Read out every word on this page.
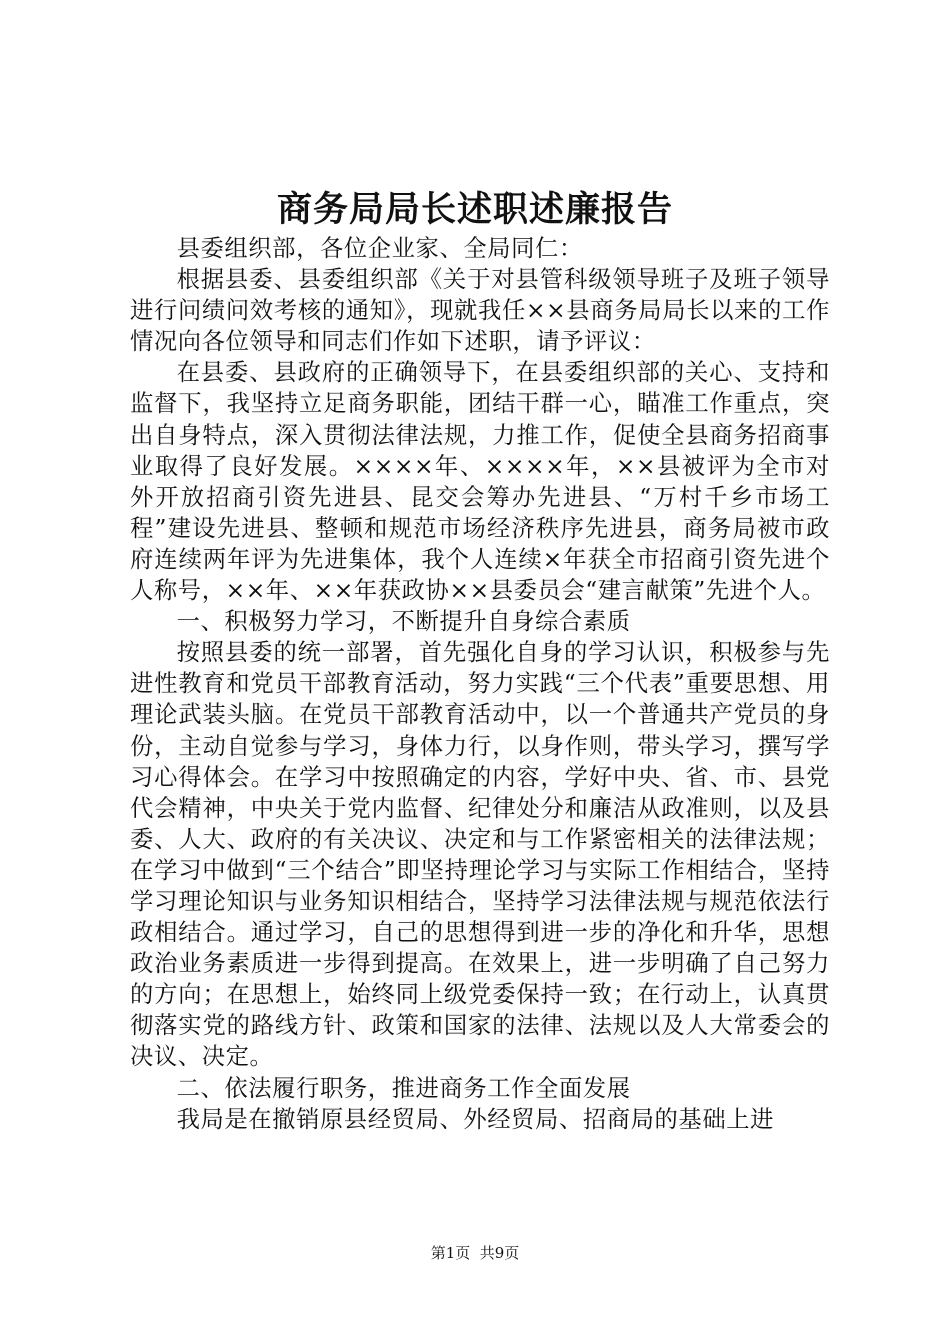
商务局局长述职述廉报告

县委组织部，各位企业家、全局同仁：

根据县委、县委组织部《关于对县管科级领导班子及班子领导进行问绩问效考核的通知》，现就我任××县商务局局长以来的工作情况向各位领导和同志们作如下述职，请予评议：

在县委、县政府的正确领导下，在县委组织部的关心、支持和监督下，我坚持立足商务职能，团结干群一心，瞄准工作重点，突出自身特点，深入贯彻法律法规，力推工作，促使全县商务招商事业取得了良好发展。××××年、××××年，××县被评为全市对外开放招商引资先进县、昆交会筹办先进县、“万村千乡市场工程”建设先进县、整顿和规范市场经济秩序先进县，商务局被市政府连续两年评为先进集体，我个人连续×年获全市招商引资先进个人称号，××年、××年获政协××县委员会“建言献策”先进个人。

一、积极努力学习，不断提升自身综合素质

按照县委的统一部署，首先强化自身的学习认识，积极参与先进性教育和党员干部教育活动，努力实践“三个代表”重要思想、用理论武装头脑。在党员干部教育活动中，以一个普通共产党员的身份，主动自觉参与学习，身体力行，以身作则，带头学习，撰写学习心得体会。在学习中按照确定的内容，学好中央、省、市、县党代会精神，中央关于党内监督、纪律处分和廉洁从政准则，以及县委、人大、政府的有关决议、决定和与工作紧密相关的法律法规；在学习中做到“三个结合”即坚持理论学习与实际工作相结合，坚持学习理论知识与业务知识相结合，坚持学习法律法规与规范依法行政相结合。通过学习，自己的思想得到进一步的净化和升华，思想政治业务素质进一步得到提高。在效果上，进一步明确了自己努力的方向；在思想上，始终同上级党委保持一致；在行动上，认真贯彻落实党的路线方针、政策和国家的法律、法规以及人大常委会的决议、决定。

二、依法履行职务，推进商务工作全面发展

我局是在撤销原县经贸局、外经贸局、招商局的基础上进

第1页  共9页
